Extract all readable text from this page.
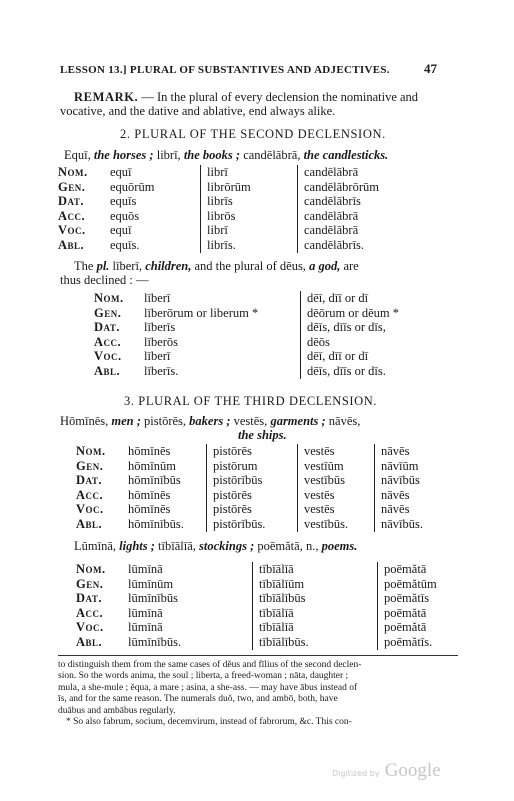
LESSON 13.] PLURAL OF SUBSTANTIVES AND ADJECTIVES.	47
REMARK. — In the plural of every declension the nominative and
vocative, and the dative and ablative, end always alike.
2. PLURAL OF THE SECOND DECLENSION.
Equī, the horses ; librī, the books ; candēlābrā, the candlesticks.
Nom.	equī	librī	candēlābrā
Gen.	equōrūm	librōrūm	candēlābrōrūm
Dat.	equīs	librīs	candēlābrīs
Acc.	equōs	librōs	candēlābrā
Voc.	equī	librī	candēlābrā
Abl.	equīs.	librīs.	candēlābrīs.
The pl. līberī, children, and the plural of dēus, a god, are
thus declined : —
Nom.	līberī	dēī, dīī or dī
Gen.	līberōrum or liberum *	dēōrum or dēum *
Dat.	līberīs	dēīs, dīīs or dīs,
Acc.	līberōs	dēōs
Voc.	līberī	dēī, dīī or dī
Abl.	līberīs.	dēīs, dīīs or dīs.
3. PLURAL OF THE THIRD DECLENSION.
Hōmīnēs, men ; pistōrēs, bakers ; vestēs, garments ; nāvēs,
the ships.
Nom.	hōmīnēs	pistōrēs	vestēs	nāvēs
Gen.	hōmīnūm	pistōrum	vestīūm	nāvīūm
Dat.	hōmīnībūs	pistōrībūs	vestībūs	nāvībūs
Acc.	hōmīnēs	pistōrēs	vestēs	nāvēs
Voc.	hōmīnēs	pistōrēs	vestēs	nāvēs
Abl.	hōmīnībūs.	pistōrībūs.	vestībūs.	nāvībūs.
Lūmīnā, lights ; tībīālīā, stockings ; poēmătā, n., poems.
Nom.	lūmīnā	tībīālīā	poēmătā
Gen.	lūmīnūm	tībīālīūm	poēmătūm
Dat.	lūmīnībūs	tībīālībūs	poēmătīs
Acc.	lūmīnā	tībīālīā	poēmătā
Voc.	lūmīnā	tībīālīā	poēmătā
Abl.	lūmīnībūs.	tībīālībūs.	poēmătīs.
to distinguish them from the same cases of dĕus and fīlius of the second declen-
sion. So the words anima, the soul ; liberta, a freed-woman ; nāta, daughter ;
mula, a she-mule ; ĕqua, a mare ; asina, a she-ass. — may have ābus instead of
īs, and for the same reason. The numerals duŏ, two, and ambō, both, have
duābus and ambābus regularly.
* So also fabrum, socium, decemvirum, instead of fabrorum, &c. This con-
Digitized by Google
